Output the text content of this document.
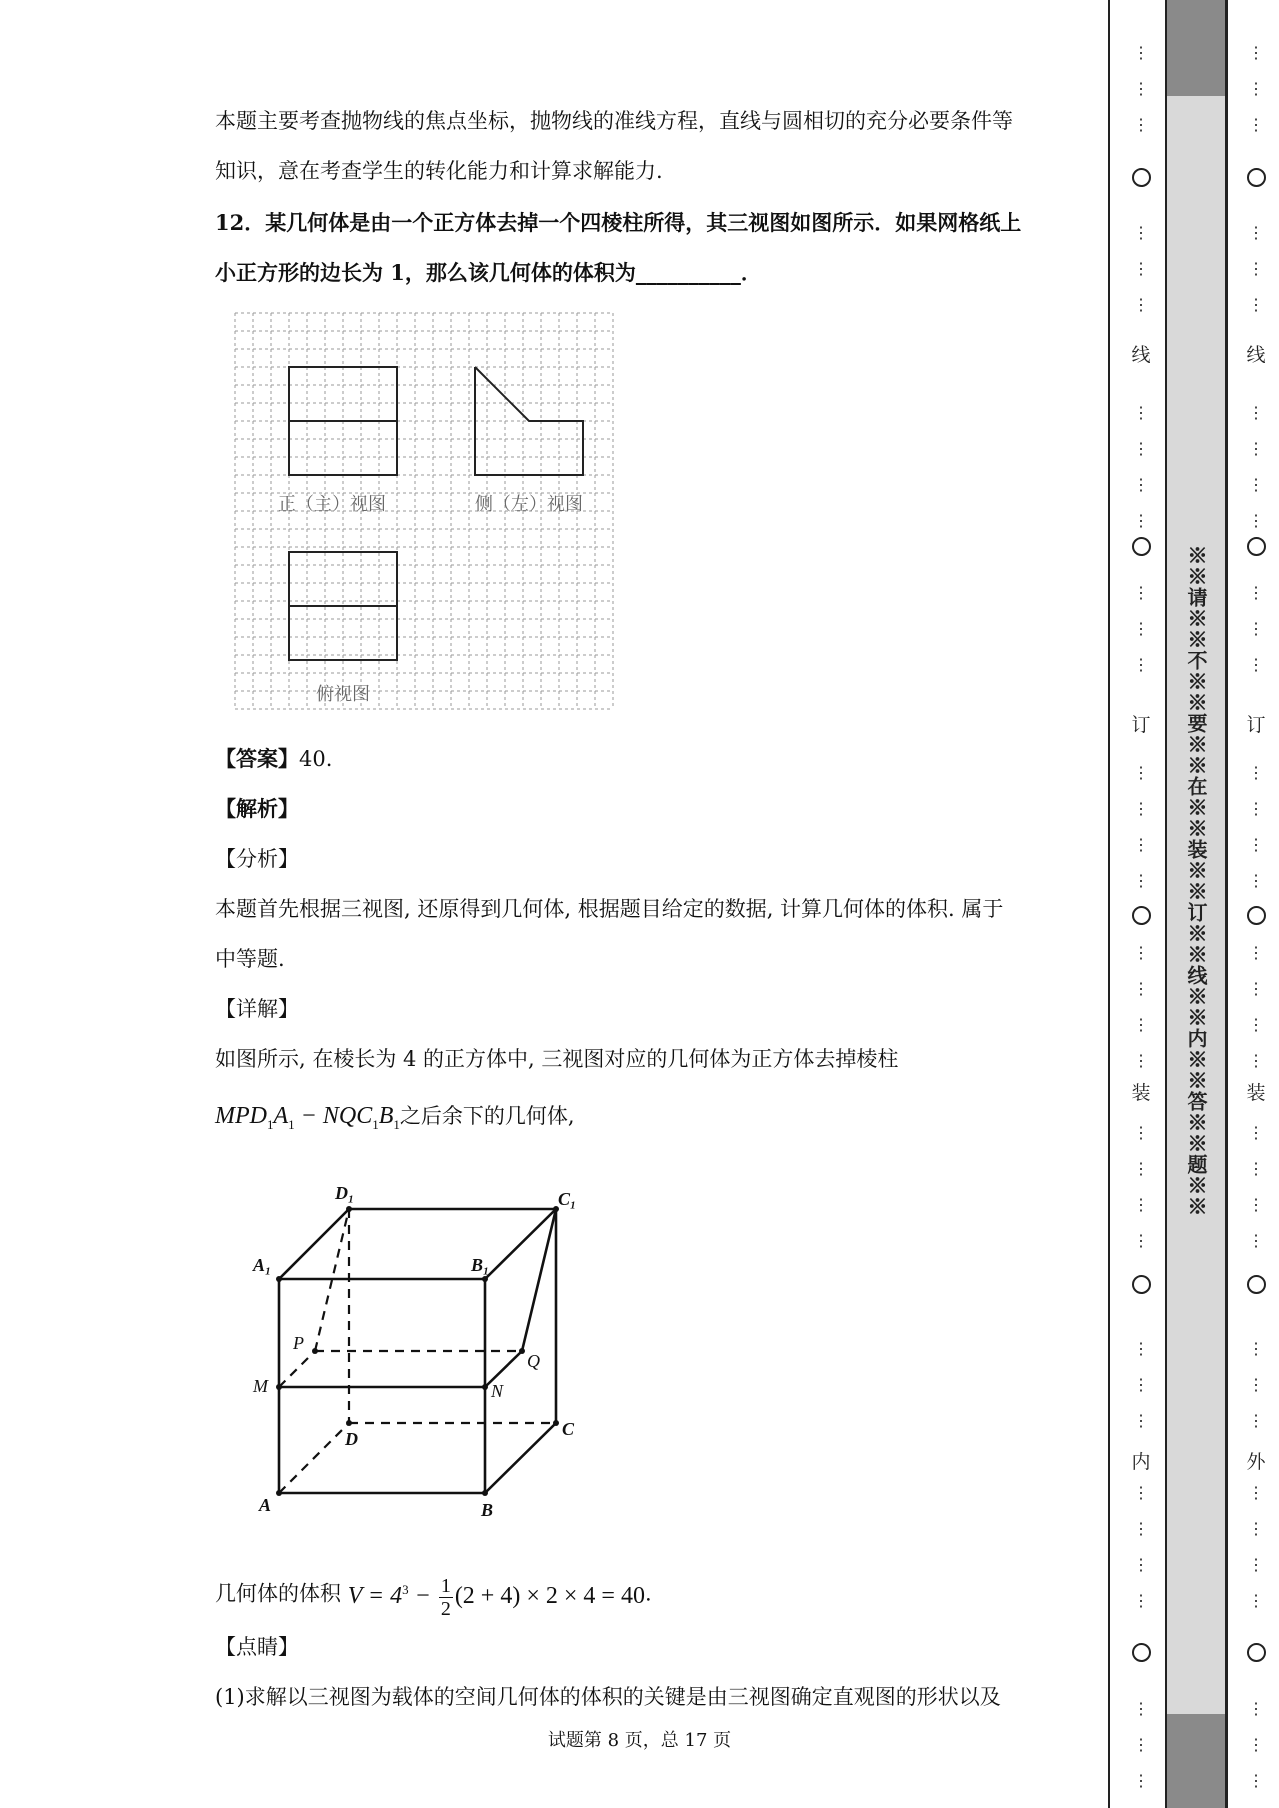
本题主要考查抛物线的焦点坐标，抛物线的准线方程，直线与圆相切的充分必要条件等
知识，意在考查学生的转化能力和计算求解能力.
12．某几何体是由一个正方体去掉一个四棱柱所得，其三视图如图所示．如果网格纸上
小正方形的边长为 1，那么该几何体的体积为__________．
正（主）视图	侧（左）视图
俯视图
【答案】40.
【解析】
【分析】
本题首先根据三视图, 还原得到几何体, 根据题目给定的数据, 计算几何体的体积. 属于
中等题.
【详解】
如图所示, 在棱长为 4 的正方体中, 三视图对应的几何体为正方体去掉棱柱
$MPD_1A_1 - NQC_1B_1$之后余下的几何体,
D₁	C₁
A₁	B₁
P
Q
M	N
D	C
A	B
几何体的体积 $V = 4^3 - \frac{1}{2} (2 + 4) \times 2 \times 4 = 40$.
【点睛】
(1)求解以三视图为载体的空间几何体的体积的关键是由三视图确定直观图的形状以及
试题第 8 页，总 17 页
※※请※※不※※要※※在※※装※※订※※线※※内※※答※※题※※
⋮
⋮
⋮
⋮
⋮
⋮
⋮
⋮
⋮
⋮
⋮
⋮
⋮
⋮
⋮
⋮
⋮
⋮
⋮
⋮
⋮
⋮
⋮
⋮
⋮
⋮
⋮
⋮
⋮
⋮
⋮
⋮
⋮
⋮
⋮
⋮
⋮
⋮
⋮
⋮
⋮
⋮
⋮
⋮
⋮
⋮
⋮
⋮
⋮
⋮
⋮
⋮
⋮
⋮
⋮
⋮
⋮
⋮
⋮
⋮
⋮
⋮
⋮
⋮
⋮
⋮
⋮
⋮
⋮
⋮
线
订
装
内
线
订
装
外
